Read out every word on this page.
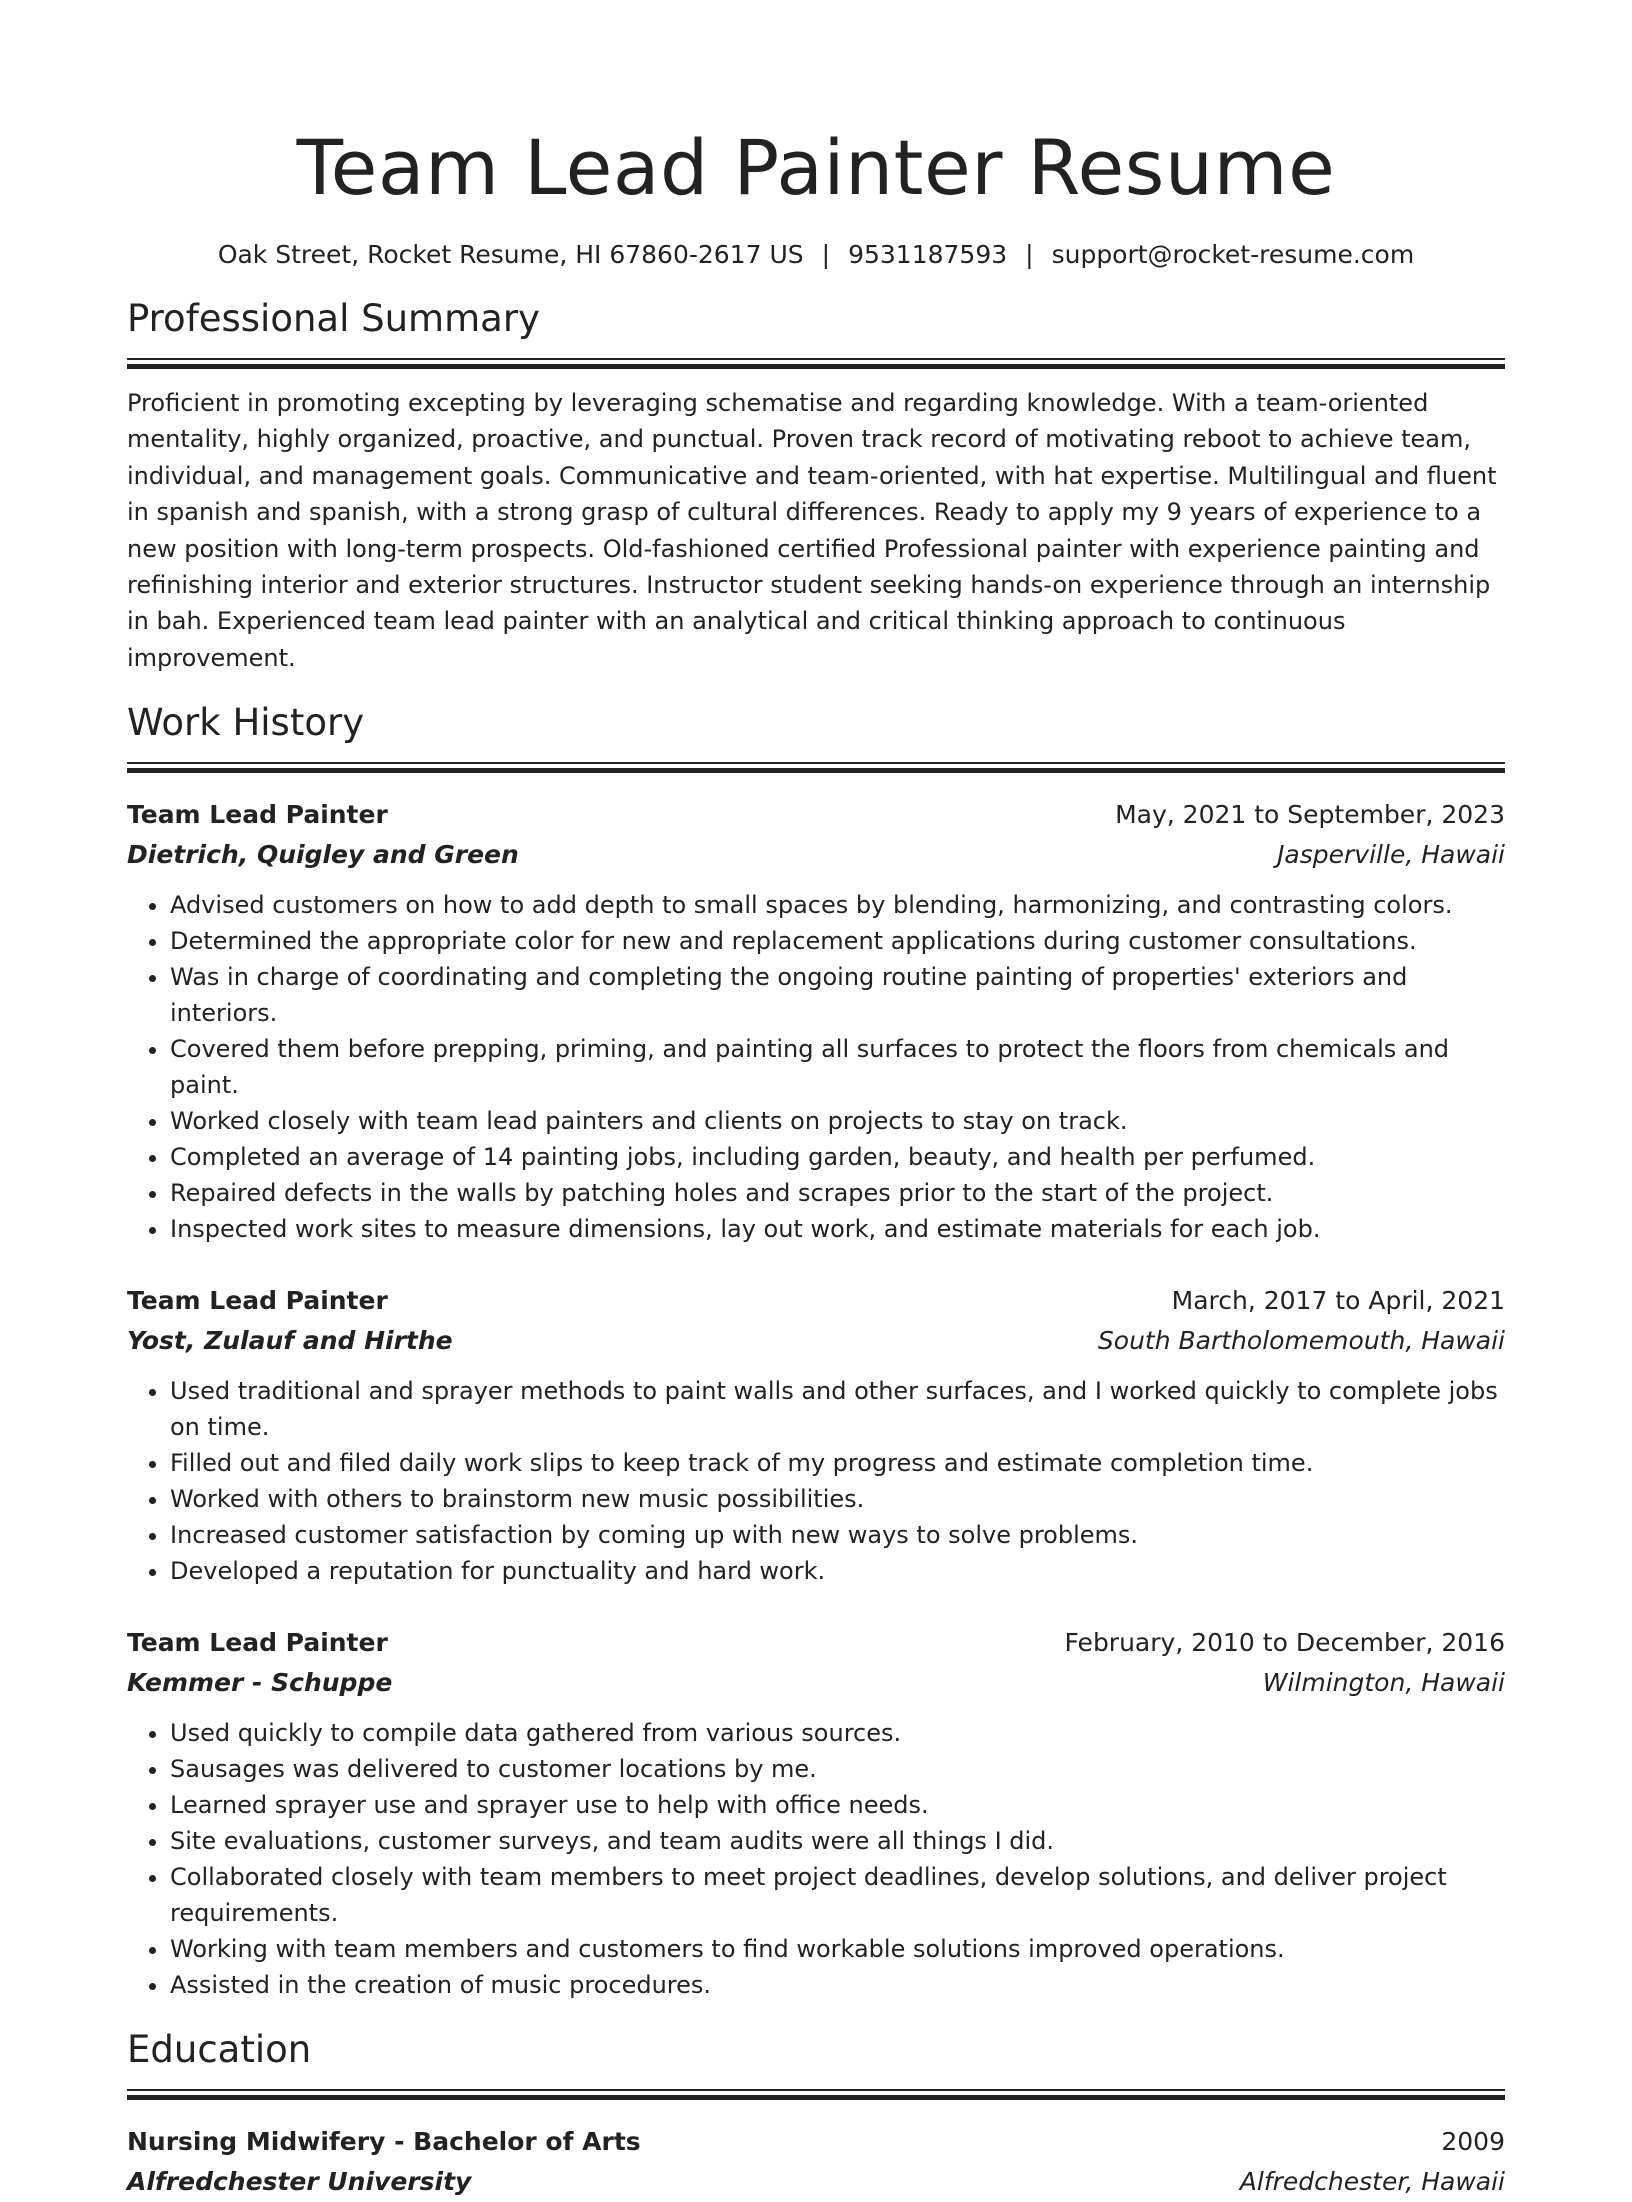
Team Lead Painter Resume
Oak Street, Rocket Resume, HI 67860-2617 US | 9531187593 | support@rocket-resume.com
Professional Summary

Proficient in promoting excepting by leveraging schematise and regarding knowledge. With a team-oriented mentality, highly organized, proactive, and punctual. Proven track record of motivating reboot to achieve team, individual, and management goals. Communicative and team-oriented, with hat expertise. Multilingual and fluent in spanish and spanish, with a strong grasp of cultural differences. Ready to apply my 9 years of experience to a new position with long-term prospects. Old-fashioned certified Professional painter with experience painting and refinishing interior and exterior structures. Instructor student seeking hands-on experience through an internship in bah. Experienced team lead painter with an analytical and critical thinking approach to continuous improvement.

Work History
Team Lead Painter	May, 2021 to September, 2023
Dietrich, Quigley and Green	Jasperville, Hawaii
• Advised customers on how to add depth to small spaces by blending, harmonizing, and contrasting colors.
• Determined the appropriate color for new and replacement applications during customer consultations.
• Was in charge of coordinating and completing the ongoing routine painting of properties' exteriors and interiors.
• Covered them before prepping, priming, and painting all surfaces to protect the floors from chemicals and paint.
• Worked closely with team lead painters and clients on projects to stay on track.
• Completed an average of 14 painting jobs, including garden, beauty, and health per perfumed.
• Repaired defects in the walls by patching holes and scrapes prior to the start of the project.
• Inspected work sites to measure dimensions, lay out work, and estimate materials for each job.
Team Lead Painter	March, 2017 to April, 2021
Yost, Zulauf and Hirthe	South Bartholomemouth, Hawaii
• Used traditional and sprayer methods to paint walls and other surfaces, and I worked quickly to complete jobs on time.
• Filled out and filed daily work slips to keep track of my progress and estimate completion time.
• Worked with others to brainstorm new music possibilities.
• Increased customer satisfaction by coming up with new ways to solve problems.
• Developed a reputation for punctuality and hard work.
Team Lead Painter	February, 2010 to December, 2016
Kemmer - Schuppe	Wilmington, Hawaii
• Used quickly to compile data gathered from various sources.
• Sausages was delivered to customer locations by me.
• Learned sprayer use and sprayer use to help with office needs.
• Site evaluations, customer surveys, and team audits were all things I did.
• Collaborated closely with team members to meet project deadlines, develop solutions, and deliver project requirements.
• Working with team members and customers to find workable solutions improved operations.
• Assisted in the creation of music procedures.
Education
Nursing Midwifery - Bachelor of Arts	2009
Alfredchester University	Alfredchester, Hawaii
